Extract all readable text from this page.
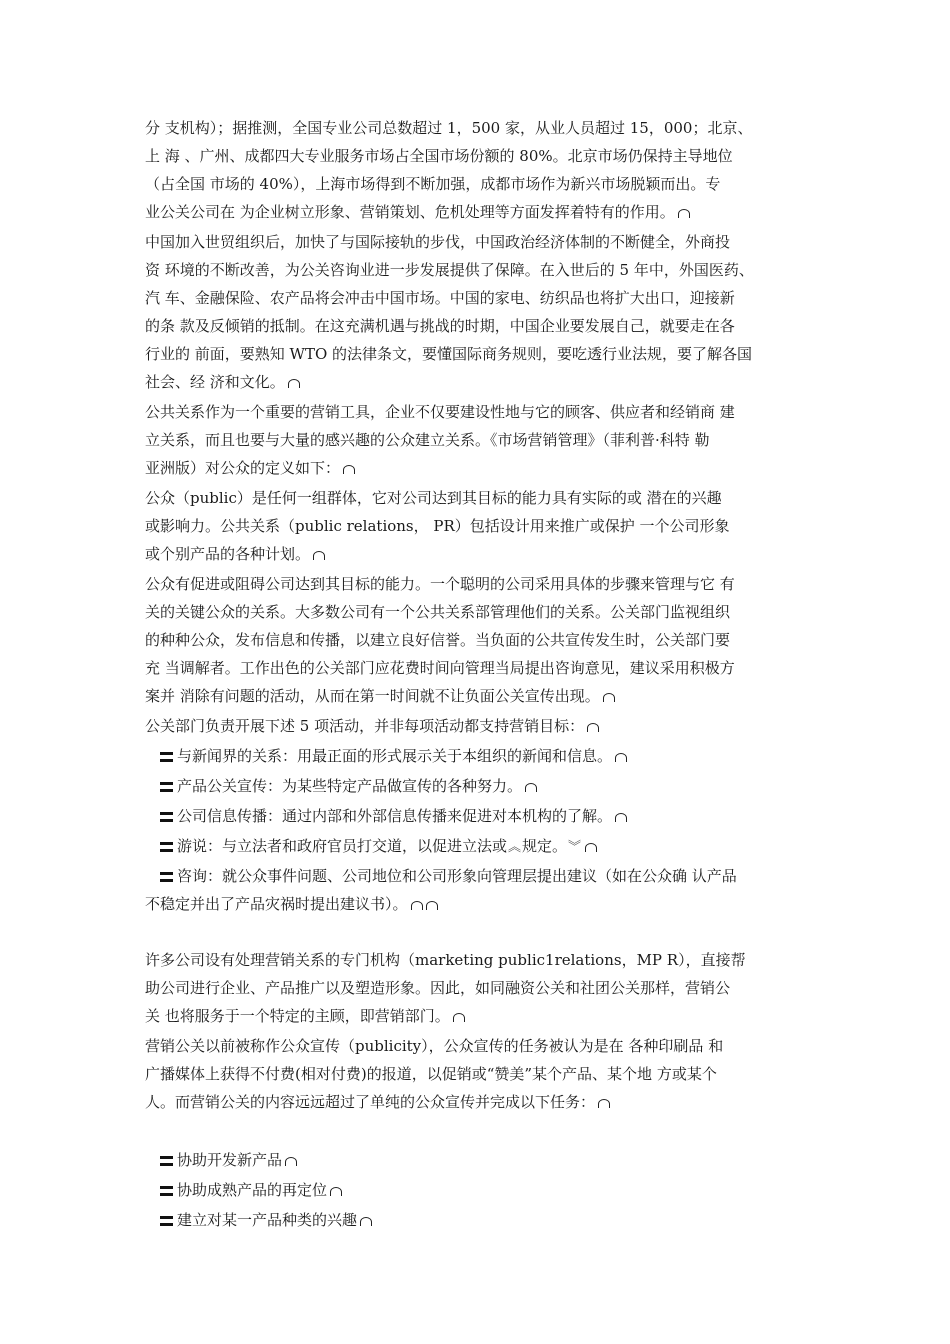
分 支机构）；据推测，全国专业公司总数超过 1，500 家，从业人员超过 15，000；北京、
上 海 、广州、成都四大专业服务市场占全国市场份额的 80%。北京市场仍保持主导地位
（占全国 市场的 40%），上海市场得到不断加强，成都市场作为新兴市场脱颖而出。专
业公关公司在 为企业树立形象、营销策划、危机处理等方面发挥着特有的作用。
中国加入世贸组织后，加快了与国际接轨的步伐，中国政治经济体制的不断健全，外商投
资 环境的不断改善，为公关咨询业进一步发展提供了保障。在入世后的 5 年中，外国医药、
汽 车、金融保险、农产品将会冲击中国市场。中国的家电、纺织品也将扩大出口，迎接新
的条 款及反倾销的抵制。在这充满机遇与挑战的时期，中国企业要发展自己，就要走在各
行业的 前面，要熟知 WTO 的法律条文，要懂国际商务规则，要吃透行业法规，要了解各国
社会、经 济和文化。
公共关系作为一个重要的营销工具，企业不仅要建设性地与它的顾客、供应者和经销商 建
立关系，而且也要与大量的感兴趣的公众建立关系。《市场营销管理》（菲利普·科特 勒
亚洲版）对公众的定义如下：
公众（public）是任何一组群体，它对公司达到其目标的能力具有实际的或 潜在的兴趣
或影响力。公共关系（public relations， PR）包括设计用来推广或保护 一个公司形象
或个别产品的各种计划。
公众有促进或阻碍公司达到其目标的能力。一个聪明的公司采用具体的步骤来管理与它 有
关的关键公众的关系。大多数公司有一个公共关系部管理他们的关系。公关部门监视组织
的种种公众，发布信息和传播，以建立良好信誉。当负面的公共宣传发生时，公关部门要
充 当调解者。工作出色的公关部门应花费时间向管理当局提出咨询意见，建议采用积极方
案并 消除有问题的活动，从而在第一时间就不让负面公关宣传出现。
公关部门负责开展下述 5 项活动，并非每项活动都支持营销目标：
与新闻界的关系：用最正面的形式展示关于本组织的新闻和信息。
产品公关宣传：为某些特定产品做宣传的各种努力。
公司信息传播：通过内部和外部信息传播来促进对本机构的了解。
游说：与立法者和政府官员打交道，以促进立法或︽规定。︾
咨询：就公众事件问题、公司地位和公司形象向管理层提出建议（如在公众确 认产品
不稳定并出了产品灾祸时提出建议书）。
许多公司设有处理营销关系的专门机构（marketing public1relations，MP R），直接帮
助公司进行企业、产品推广以及塑造形象。因此，如同融资公关和社团公关那样，营销公
关 也将服务于一个特定的主顾，即营销部门。
营销公关以前被称作公众宣传（publicity），公众宣传的任务被认为是在 各种印刷品 和
广播媒体上获得不付费(相对付费)的报道，以促销或“赞美”某个产品、某个地 方或某个
人。而营销公关的内容远远超过了单纯的公众宣传并完成以下任务：
协助开发新产品
协助成熟产品的再定位
建立对某一产品种类的兴趣
